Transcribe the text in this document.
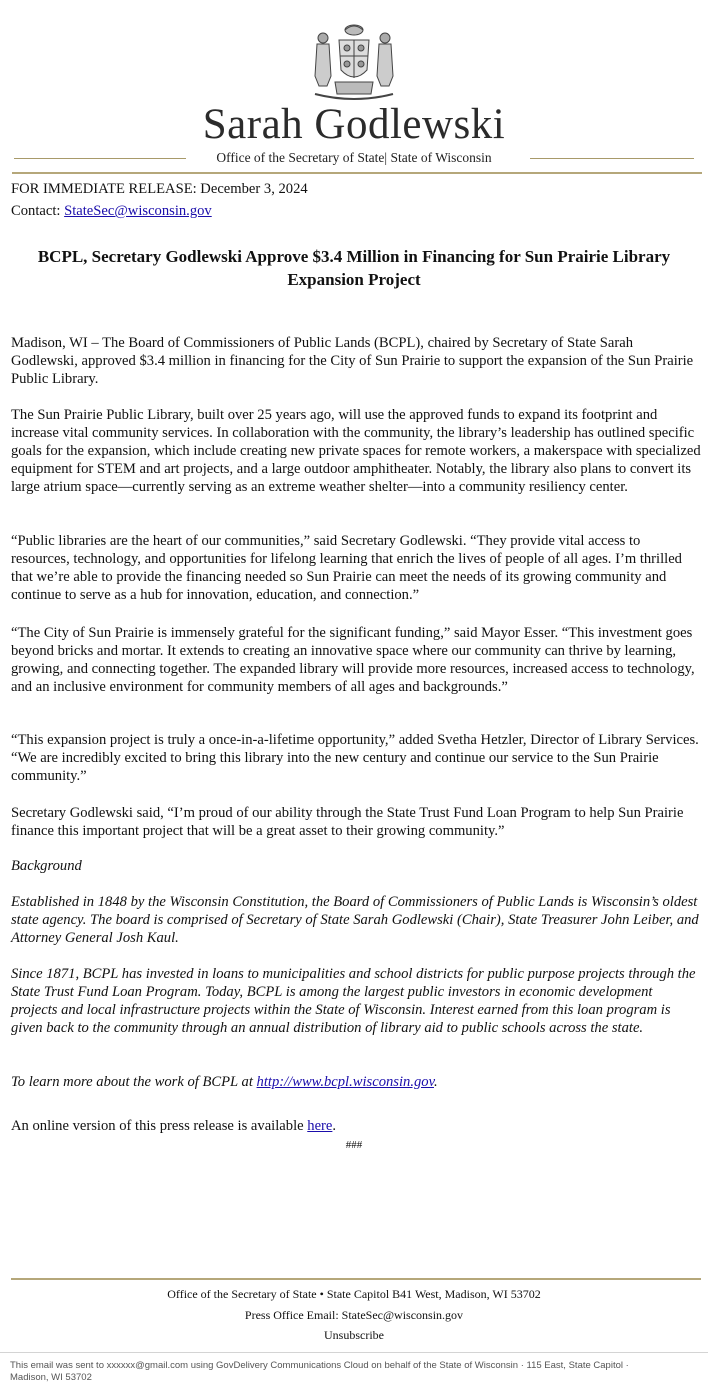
Sarah Godlewski
Office of the Secretary of State| State of Wisconsin
FOR IMMEDIATE RELEASE: December 3, 2024
Contact: StateSec@wisconsin.gov
BCPL, Secretary Godlewski Approve $3.4 Million in Financing for Sun Prairie Library Expansion Project
Madison, WI – The Board of Commissioners of Public Lands (BCPL), chaired by Secretary of State Sarah Godlewski, approved $3.4 million in financing for the City of Sun Prairie to support the expansion of the Sun Prairie Public Library.
The Sun Prairie Public Library, built over 25 years ago, will use the approved funds to expand its footprint and increase vital community services. In collaboration with the community, the library’s leadership has outlined specific goals for the expansion, which include creating new private spaces for remote workers, a makerspace with specialized equipment for STEM and art projects, and a large outdoor amphitheater. Notably, the library also plans to convert its large atrium space—currently serving as an extreme weather shelter—into a community resiliency center.
“Public libraries are the heart of our communities,” said Secretary Godlewski. “They provide vital access to resources, technology, and opportunities for lifelong learning that enrich the lives of people of all ages. I’m thrilled that we’re able to provide the financing needed so Sun Prairie can meet the needs of its growing community and continue to serve as a hub for innovation, education, and connection.”
“The City of Sun Prairie is immensely grateful for the significant funding,” said Mayor Esser. “This investment goes beyond bricks and mortar. It extends to creating an innovative space where our community can thrive by learning, growing, and connecting together. The expanded library will provide more resources, increased access to technology, and an inclusive environment for community members of all ages and backgrounds.”
“This expansion project is truly a once-in-a-lifetime opportunity,” added Svetha Hetzler, Director of Library Services. “We are incredibly excited to bring this library into the new century and continue our service to the Sun Prairie community.”
Secretary Godlewski said, “I’m proud of our ability through the State Trust Fund Loan Program to help Sun Prairie finance this important project that will be a great asset to their growing community.”
Background
Established in 1848 by the Wisconsin Constitution, the Board of Commissioners of Public Lands is Wisconsin’s oldest state agency. The board is comprised of Secretary of State Sarah Godlewski (Chair), State Treasurer John Leiber, and Attorney General Josh Kaul.
Since 1871, BCPL has invested in loans to municipalities and school districts for public purpose projects through the State Trust Fund Loan Program. Today, BCPL is among the largest public investors in economic development projects and local infrastructure projects within the State of Wisconsin. Interest earned from this loan program is given back to the community through an annual distribution of library aid to public schools across the state.
To learn more about the work of BCPL at http://www.bcpl.wisconsin.gov.
An online version of this press release is available here.
###
Office of the Secretary of State • State Capitol B41 West, Madison, WI 53702
Press Office Email: StateSec@wisconsin.gov
Unsubscribe
This email was sent to xxxxxx@gmail.com using GovDelivery Communications Cloud on behalf of the State of Wisconsin · 115 East, State Capitol · Madison, WI 53702
